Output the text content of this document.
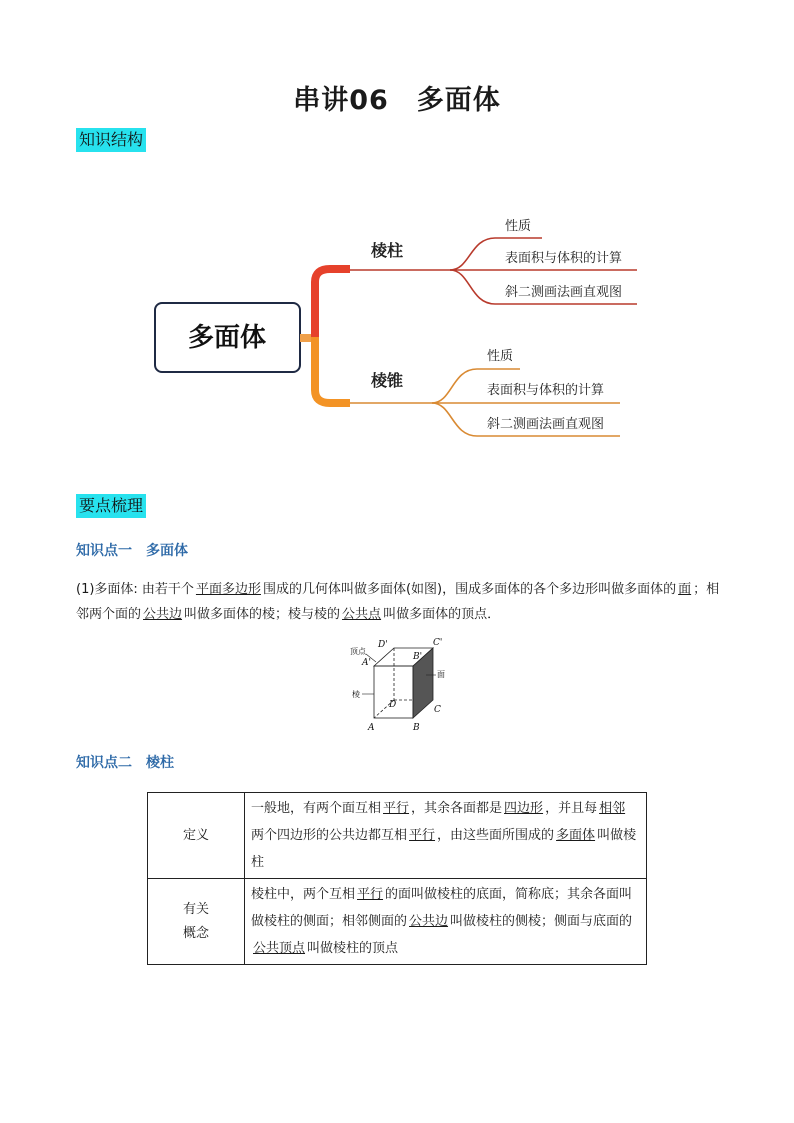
串讲06　多面体
知识结构
多面体
棱柱
性质
表面积与体积的计算
斜二测画法画直观图
棱锥
性质
表面积与体积的计算
斜二测画法画直观图
D'	C'
A'
B'
D	C
A	B
顶点
棱
面
要点梳理
知识点一　多面体
(1)多面体: 由若干个 平面多边形 围成的几何体叫做多面体(如图)，围成多面体的各个多边形叫做多面体的 面 ；相邻两个面的 公共边 叫做多面体的棱；棱与棱的 公共点 叫做多面体的顶点．
知识点二　棱柱
定义	一般地，有两个面互相 平行 ，其余各面都是 四边形 ，并且每 相邻两个四边形的公共边都互相 平行 ，由这些面所围成的 多面体 叫做棱柱
有关
概念	棱柱中，两个互相 平行 的面叫做棱柱的底面，简称底；其余各面叫做棱柱的侧面；相邻侧面的 公共边 叫做棱柱的侧棱；侧面与底面的公共顶点 叫做棱柱的顶点
